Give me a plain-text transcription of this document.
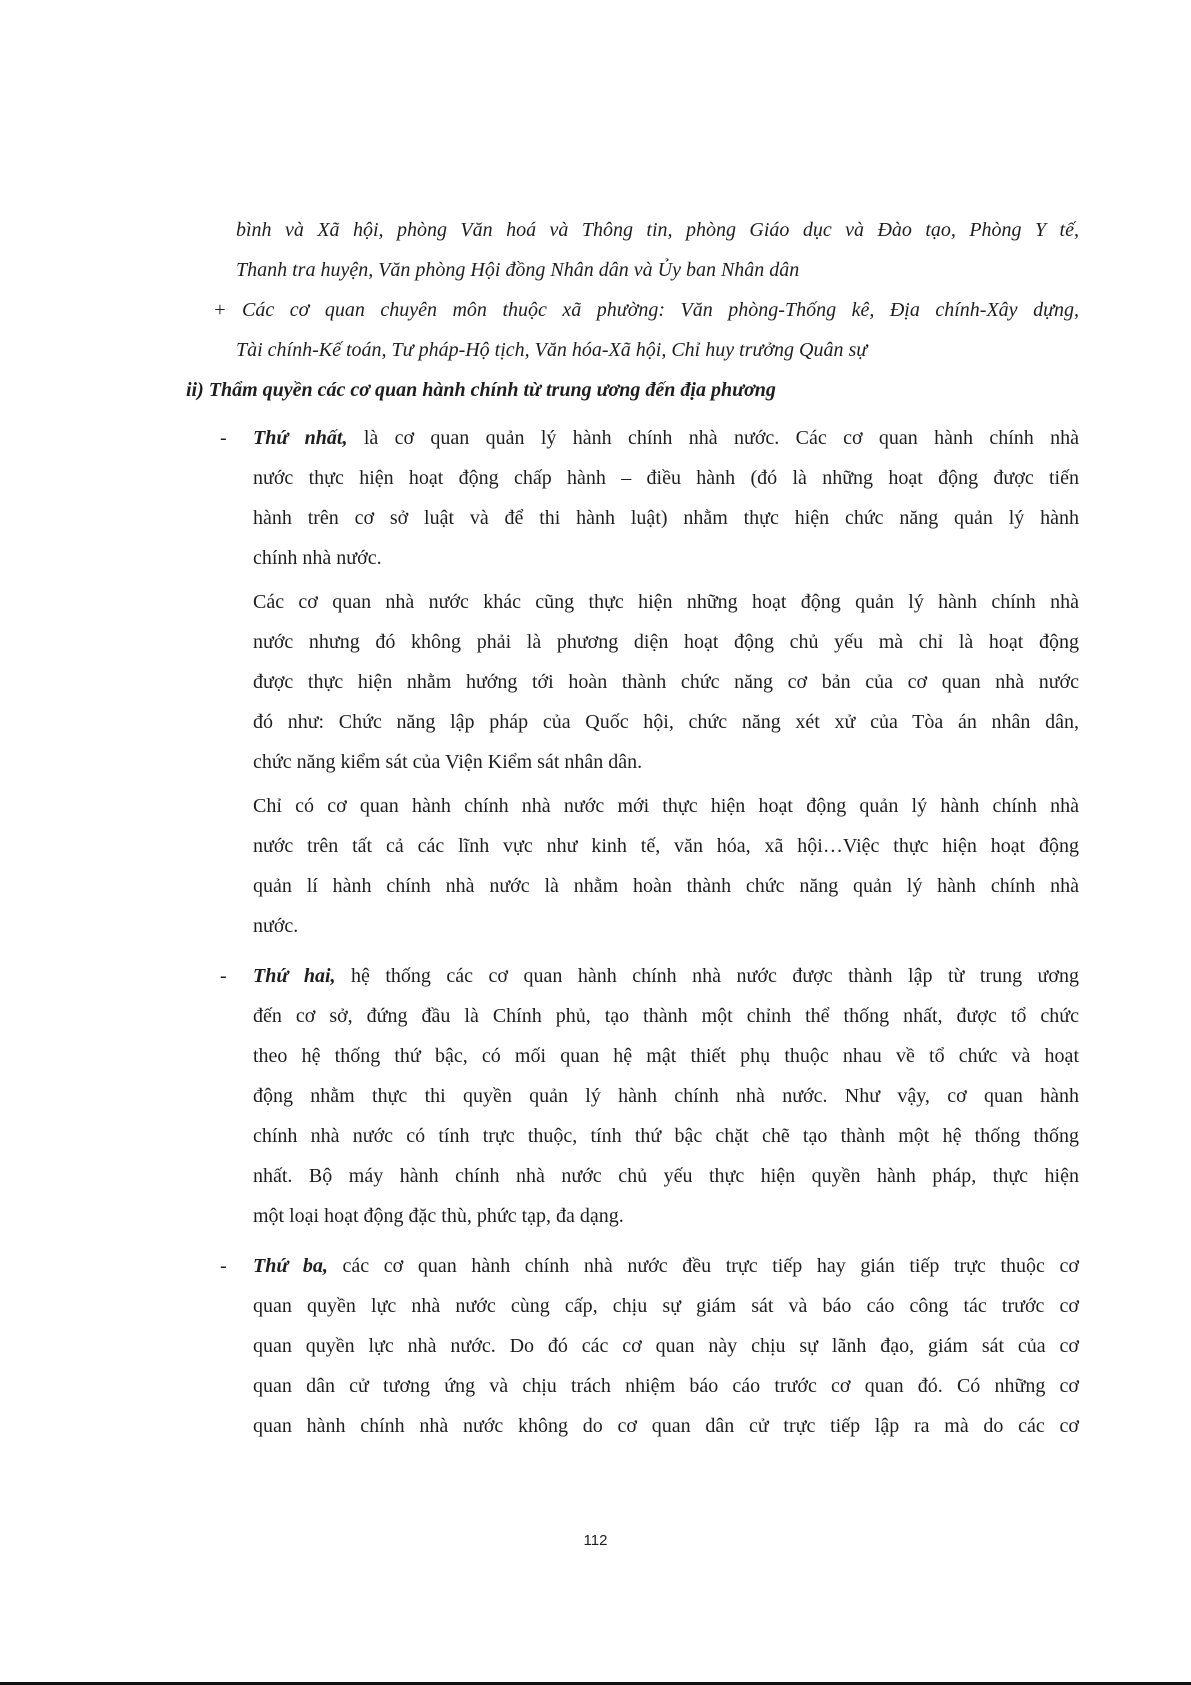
bình và Xã hội, phòng Văn hoá và Thông tin, phòng Giáo dục và Đào tạo, Phòng Y tế,
Thanh tra huyện, Văn phòng Hội đồng Nhân dân và Ủy ban Nhân dân
+ Các cơ quan chuyên môn thuộc xã phường: Văn phòng-Thống kê, Địa chính-Xây dựng,
Tài chính-Kế toán, Tư pháp-Hộ tịch, Văn hóa-Xã hội, Chỉ huy trưởng Quân sự
ii) Thẩm quyền các cơ quan hành chính từ trung ương đến địa phương
- Thứ nhất, là cơ quan quản lý hành chính nhà nước. Các cơ quan hành chính nhà
nước thực hiện hoạt động chấp hành – điều hành (đó là những hoạt động được tiến
hành trên cơ sở luật và để thi hành luật) nhằm thực hiện chức năng quản lý hành
chính nhà nước.
Các cơ quan nhà nước khác cũng thực hiện những hoạt động quản lý hành chính nhà
nước nhưng đó không phải là phương diện hoạt động chủ yếu mà chỉ là hoạt động
được thực hiện nhằm hướng tới hoàn thành chức năng cơ bản của cơ quan nhà nước
đó như: Chức năng lập pháp của Quốc hội, chức năng xét xử của Tòa án nhân dân,
chức năng kiểm sát của Viện Kiểm sát nhân dân.
Chỉ có cơ quan hành chính nhà nước mới thực hiện hoạt động quản lý hành chính nhà
nước trên tất cả các lĩnh vực như kinh tế, văn hóa, xã hội…Việc thực hiện hoạt động
quản lí hành chính nhà nước là nhằm hoàn thành chức năng quản lý hành chính nhà
nước.
- Thứ hai, hệ thống các cơ quan hành chính nhà nước được thành lập từ trung ương
đến cơ sở, đứng đầu là Chính phủ, tạo thành một chỉnh thể thống nhất, được tổ chức
theo hệ thống thứ bậc, có mối quan hệ mật thiết phụ thuộc nhau về tổ chức và hoạt
động nhằm thực thi quyền quản lý hành chính nhà nước. Như vậy, cơ quan hành
chính nhà nước có tính trực thuộc, tính thứ bậc chặt chẽ tạo thành một hệ thống thống
nhất. Bộ máy hành chính nhà nước chủ yếu thực hiện quyền hành pháp, thực hiện
một loại hoạt động đặc thù, phức tạp, đa dạng.
- Thứ ba, các cơ quan hành chính nhà nước đều trực tiếp hay gián tiếp trực thuộc cơ
quan quyền lực nhà nước cùng cấp, chịu sự giám sát và báo cáo công tác trước cơ
quan quyền lực nhà nước. Do đó các cơ quan này chịu sự lãnh đạo, giám sát của cơ
quan dân cử tương ứng và chịu trách nhiệm báo cáo trước cơ quan đó. Có những cơ
quan hành chính nhà nước không do cơ quan dân cử trực tiếp lập ra mà do các cơ
112
